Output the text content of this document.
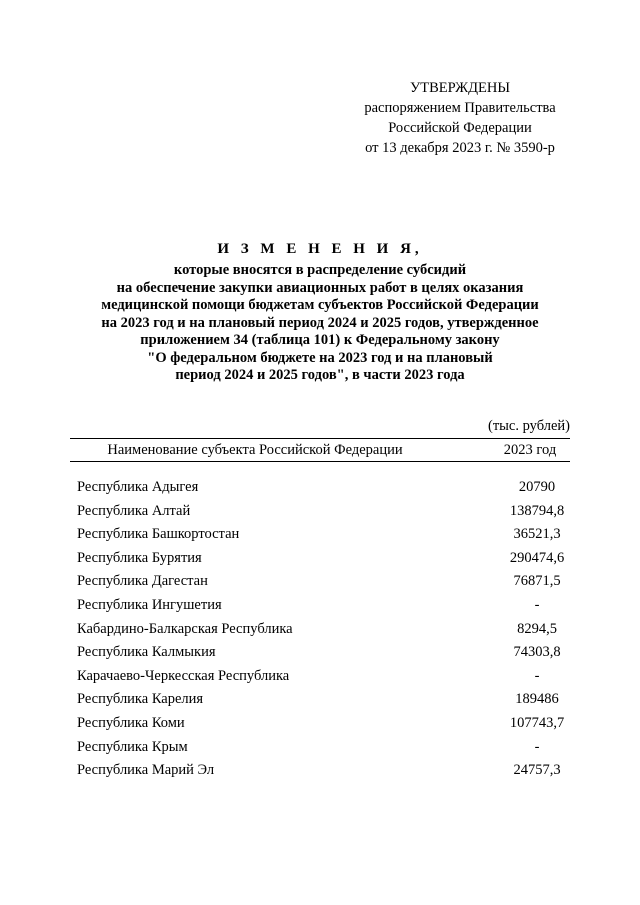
УТВЕРЖДЕНЫ
распоряжением Правительства
Российской Федерации
от 13 декабря 2023 г. № 3590-р
И З М Е Н Е Н И Я,
которые вносятся в распределение субсидий
на обеспечение закупки авиационных работ в целях оказания
медицинской помощи бюджетам субъектов Российской Федерации
на 2023 год и на плановый период 2024 и 2025 годов, утвержденное
приложением 34 (таблица 101) к Федеральному закону
"О федеральном бюджете на 2023 год и на плановый
период 2024 и 2025 годов", в части 2023 года
(тыс. рублей)
Наименование субъекта Российской Федерации	2023 год
Республика Адыгея	20790
Республика Алтай	138794,8
Республика Башкортостан	36521,3
Республика Бурятия	290474,6
Республика Дагестан	76871,5
Республика Ингушетия	-
Кабардино-Балкарская Республика	8294,5
Республика Калмыкия	74303,8
Карачаево-Черкесская Республика	-
Республика Карелия	189486
Республика Коми	107743,7
Республика Крым	-
Республика Марий Эл	24757,3
